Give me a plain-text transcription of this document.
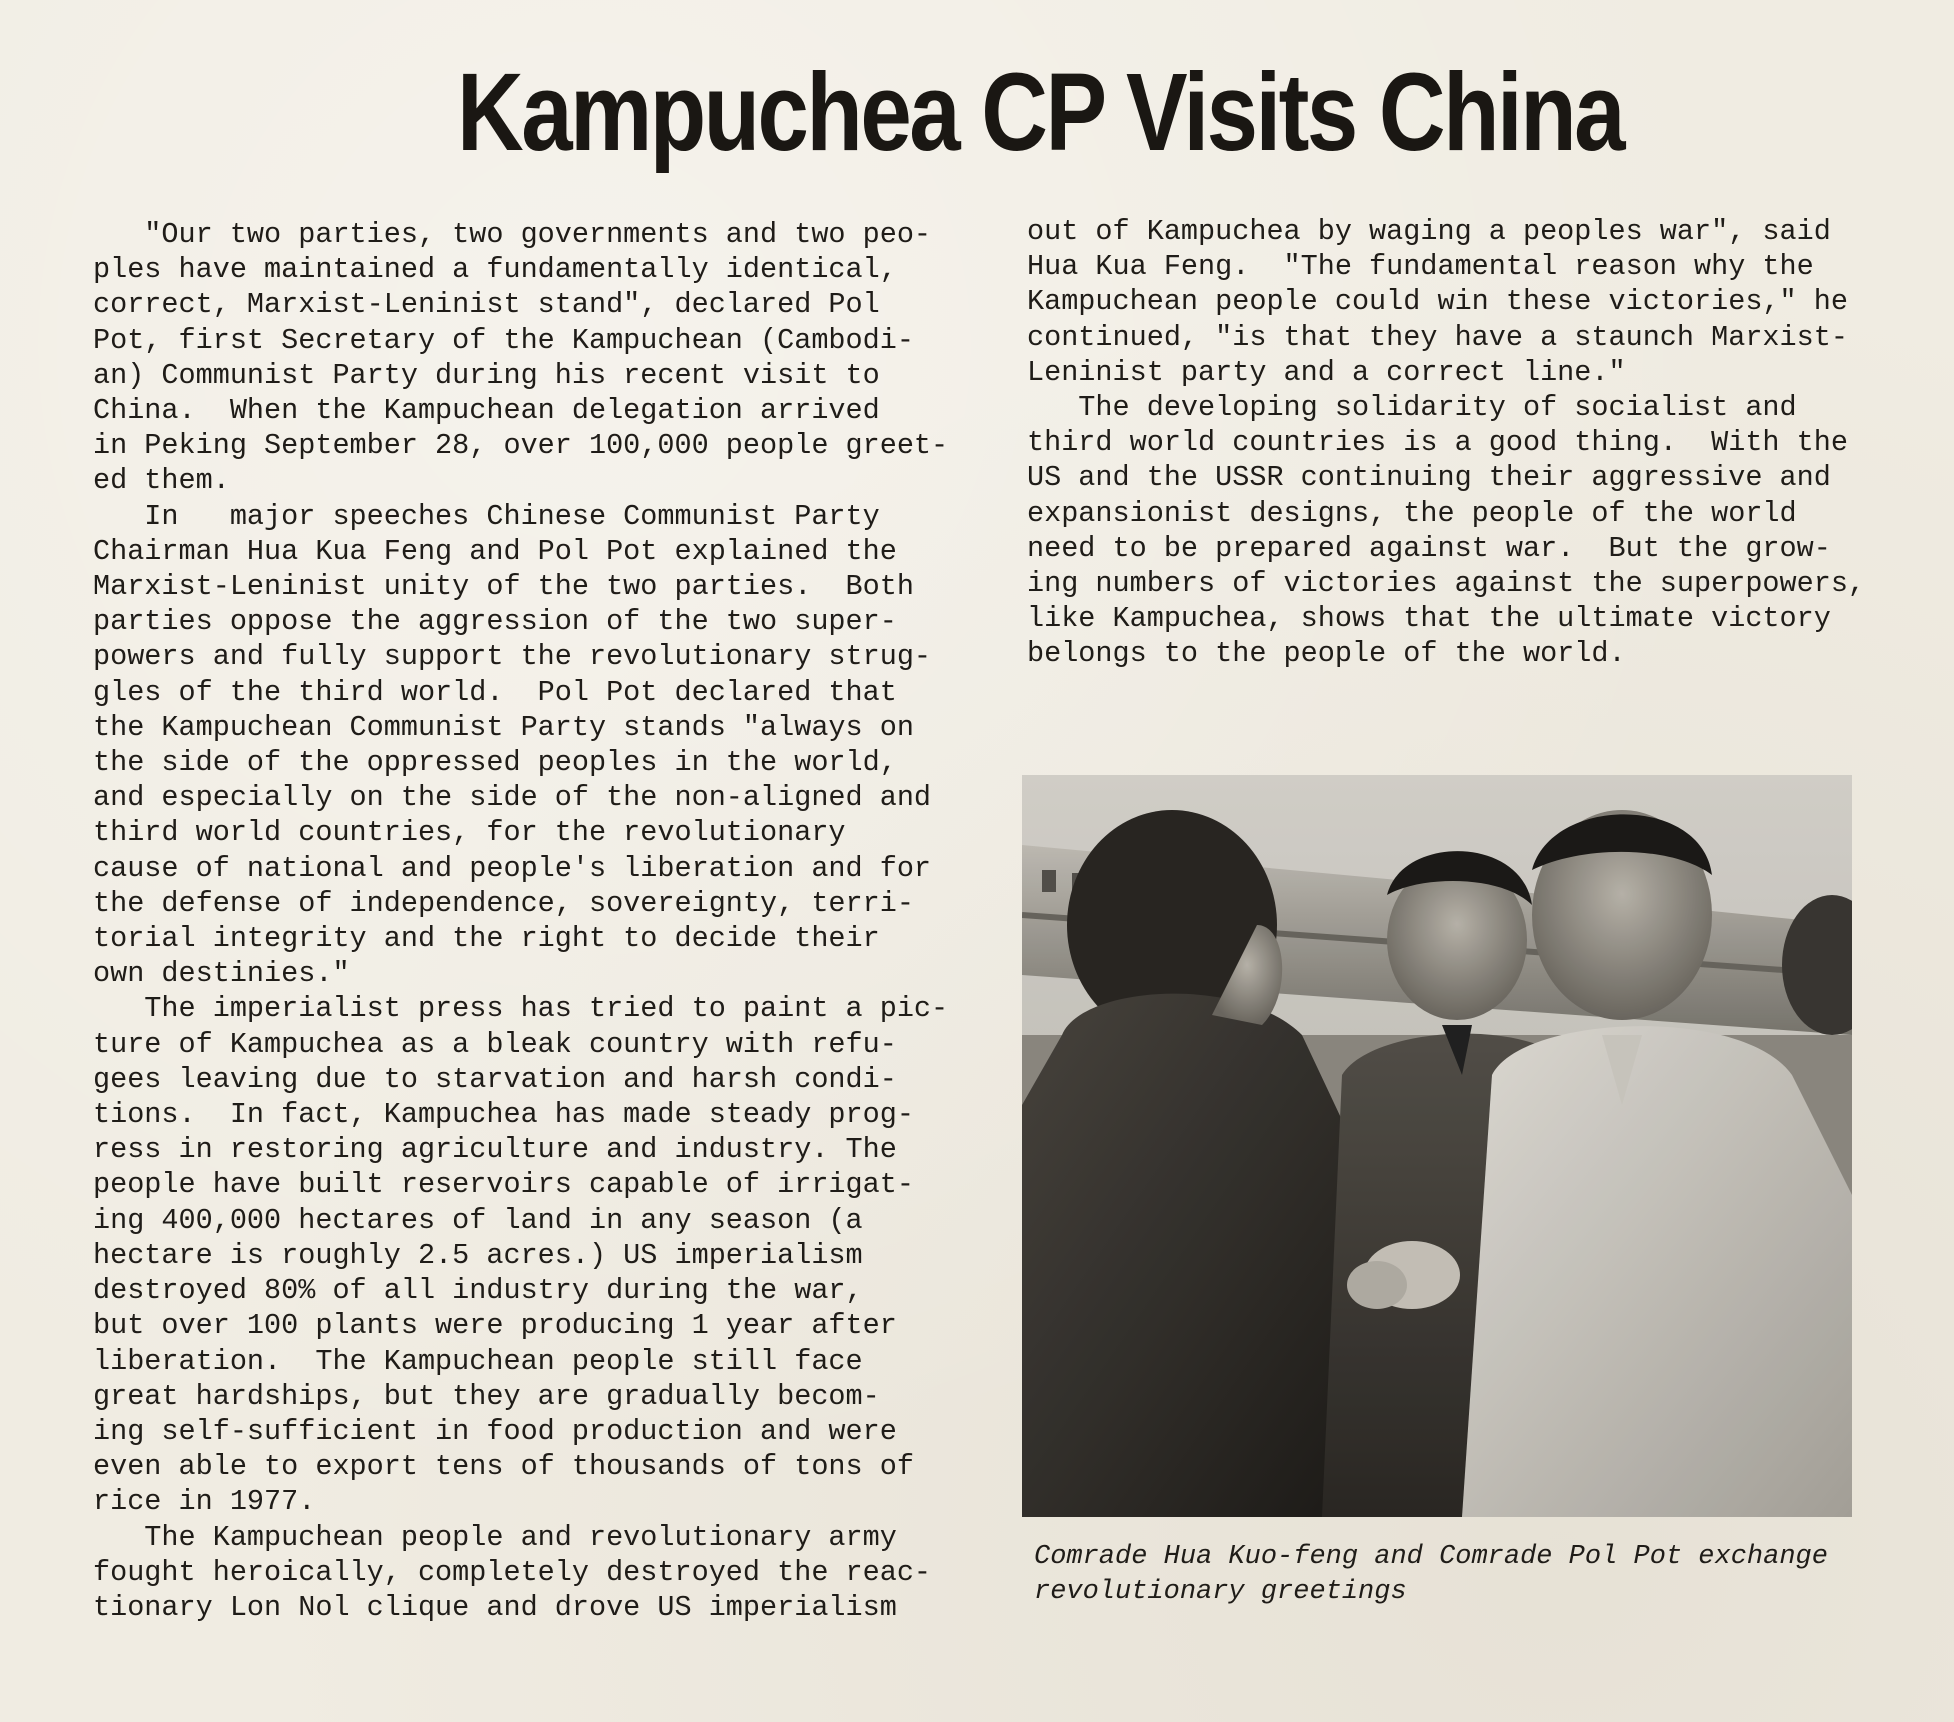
Kampuchea CP Visits China
"Our two parties, two governments and two peo-
ples have maintained a fundamentally identical,
correct, Marxist-Leninist stand", declared Pol
Pot, first Secretary of the Kampuchean (Cambodi-
an) Communist Party during his recent visit to
China.  When the Kampuchean delegation arrived
in Peking September 28, over 100,000 people greet-
ed them.
In   major speeches Chinese Communist Party
Chairman Hua Kua Feng and Pol Pot explained the
Marxist-Leninist unity of the two parties.  Both
parties oppose the aggression of the two super-
powers and fully support the revolutionary strug-
gles of the third world.  Pol Pot declared that
the Kampuchean Communist Party stands "always on
the side of the oppressed peoples in the world,
and especially on the side of the non-aligned and
third world countries, for the revolutionary
cause of national and people's liberation and for
the defense of independence, sovereignty, terri-
torial integrity and the right to decide their
own destinies."
The imperialist press has tried to paint a pic-
ture of Kampuchea as a bleak country with refu-
gees leaving due to starvation and harsh condi-
tions.  In fact, Kampuchea has made steady prog-
ress in restoring agriculture and industry. The
people have built reservoirs capable of irrigat-
ing 400,000 hectares of land in any season (a
hectare is roughly 2.5 acres.) US imperialism
destroyed 80% of all industry during the war,
but over 100 plants were producing 1 year after
liberation.  The Kampuchean people still face
great hardships, but they are gradually becom-
ing self-sufficient in food production and were
even able to export tens of thousands of tons of
rice in 1977.
The Kampuchean people and revolutionary army
fought heroically, completely destroyed the reac-
tionary Lon Nol clique and drove US imperialism
out of Kampuchea by waging a peoples war", said
Hua Kua Feng.  "The fundamental reason why the
Kampuchean people could win these victories," he
continued, "is that they have a staunch Marxist-
Leninist party and a correct line."
The developing solidarity of socialist and
third world countries is a good thing.  With the
US and the USSR continuing their aggressive and
expansionist designs, the people of the world
need to be prepared against war.  But the grow-
ing numbers of victories against the superpowers,
like Kampuchea, shows that the ultimate victory
belongs to the people of the world.
Comrade Hua Kuo-feng and Comrade Pol Pot exchange
revolutionary greetings
